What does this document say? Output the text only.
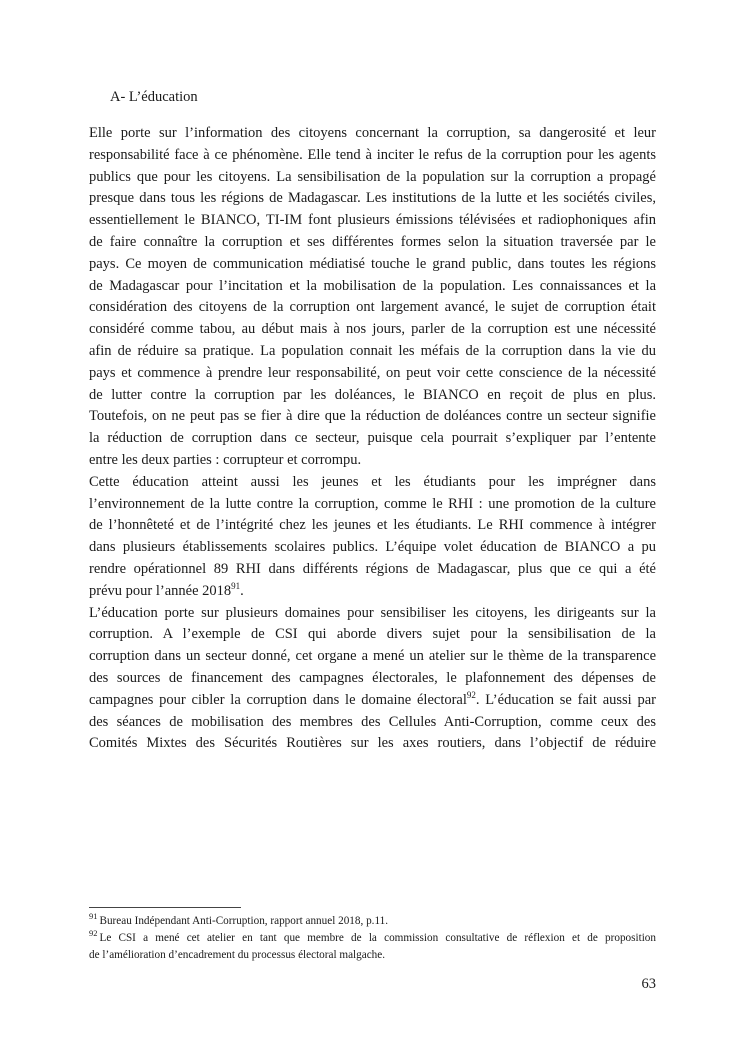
A- L’éducation
Elle porte sur l’information des citoyens concernant la corruption, sa dangerosité et leur
responsabilité face à ce phénomène. Elle tend à inciter le refus de la corruption pour les agents
publics que pour les citoyens. La sensibilisation de la population sur la corruption a propagé
presque dans tous les régions de Madagascar. Les institutions de la lutte et les sociétés civiles,
essentiellement le BIANCO, TI-IM font plusieurs émissions télévisées et radiophoniques afin
de faire connaître la corruption et ses différentes formes selon la situation traversée par le
pays. Ce moyen de communication médiatisé touche le grand public, dans toutes les régions
de Madagascar pour l’incitation et la mobilisation de la population. Les connaissances et la
considération des citoyens de la corruption ont largement avancé, le sujet de corruption était
considéré comme tabou, au début mais à nos jours, parler de la corruption est une nécessité
afin de réduire sa pratique. La population connait les méfais de la corruption dans la vie du
pays et commence à prendre leur responsabilité, on peut voir cette conscience de la nécessité
de lutter contre la corruption par les doléances, le BIANCO en reçoit de plus en plus.
Toutefois, on ne peut pas se fier à dire que la réduction de doléances contre un secteur signifie
la réduction de corruption dans ce secteur, puisque cela pourrait s’expliquer par l’entente
entre les deux parties : corrupteur et corrompu.
Cette éducation atteint aussi les jeunes et les étudiants pour les imprégner dans
l’environnement de la lutte contre la corruption, comme le RHI : une promotion de la culture
de l’honnêteté et de l’intégrité chez les jeunes et les étudiants. Le RHI commence à intégrer
dans plusieurs établissements scolaires publics. L’équipe volet éducation de BIANCO a pu
rendre opérationnel 89 RHI dans différents régions de Madagascar, plus que ce qui a été
prévu pour l’année 2018$^{91}$.
L’éducation porte sur plusieurs domaines pour sensibiliser les citoyens, les dirigeants sur la
corruption. A l’exemple de CSI qui aborde divers sujet pour la sensibilisation de la
corruption dans un secteur donné, cet organe a mené un atelier sur le thème de la transparence
des sources de financement des campagnes électorales, le plafonnement des dépenses de
campagnes pour cibler la corruption dans le domaine électoral$^{92}$. L’éducation se fait aussi par
des séances de mobilisation des membres des Cellules Anti-Corruption, comme ceux des
Comités Mixtes des Sécurités Routières sur les axes routiers, dans l’objectif de réduire
$^{91}$ Bureau Indépendant Anti-Corruption, rapport annuel 2018, p.11.
$^{92}$ Le CSI a mené cet atelier en tant que membre de la commission consultative de réflexion et de proposition
de l’amélioration d’encadrement du processus électoral malgache.
63
